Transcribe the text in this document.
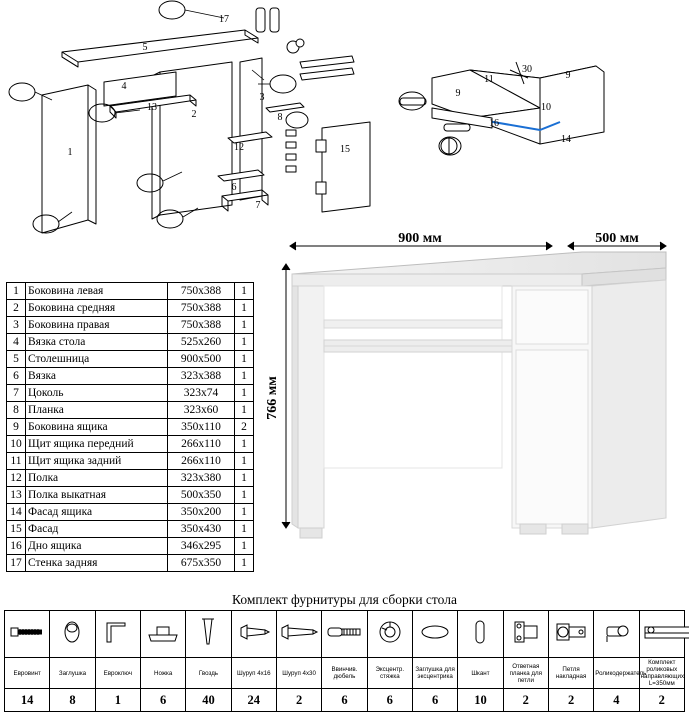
17
5
4
13
2
1
3
12
6
7
8
15
9
11
10
14
9
16
30
1	Боковина левая	750х388	1
2	Боковина средняя	750х388	1
3	Боковина правая	750х388	1
4	Вязка стола	525х260	1
5	Столешница	900х500	1
6	Вязка	323х388	1
7	Цоколь	323х74	1
8	Планка	323х60	1
9	Боковина ящика	350х110	2
10	Щит ящика передний	266х110	1
11	Щит ящика задний	266х110	1
12	Полка	323х380	1
13	Полка выкатная	500х350	1
14	Фасад ящика	350х200	1
15	Фасад	350х430	1
16	Дно ящика	346х295	1
17	Стенка задняя	675х350	1
900 мм	500 мм
766 мм
Комплект фурнитуры для сборки стола

Евровинт	Заглушка	Евроключ	Ножка	Гвоздь	Шуруп 4х16	Шуруп 4х30	Ввинчив. дюбель	Эксцентр. стяжка	Заглушка для эксцентрика	Шкант	Ответная планка для петли	Петля накладная	Роликодержатель	Комплект роликовых направляющих L=350мм
14	8	1	6	40	24	2	6	6	6	10	2	2	4	2
